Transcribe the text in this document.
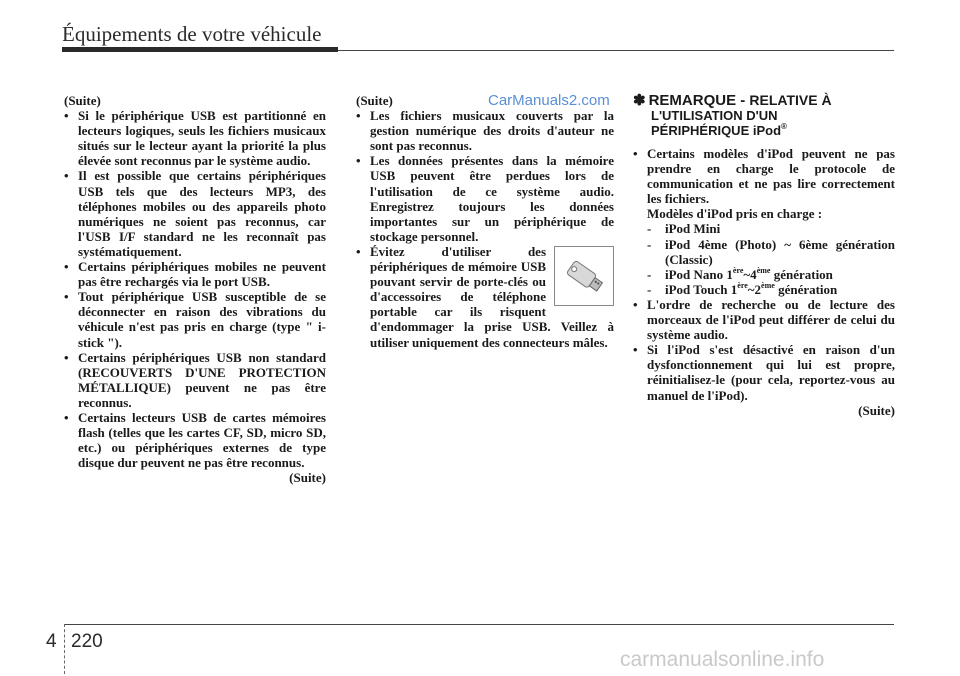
Équipements de votre véhicule
CarManuals2.com
(Suite)

• Si le périphérique USB est partitionné en lecteurs logiques, seuls les fichiers musicaux situés sur le lecteur ayant la priorité la plus élevée sont reconnus par le système audio.

• Il est possible que certains périphériques USB tels que des lecteurs MP3, des téléphones mobiles ou des appareils photo numériques ne soient pas reconnus, car l'USB I/F standard ne les reconnaît pas systématiquement.

• Certains périphériques mobiles ne peuvent pas être rechargés via le port USB.

• Tout périphérique USB susceptible de se déconnecter en raison des vibrations du véhicule n'est pas pris en charge (type " i-stick ").

• Certains périphériques USB non standard (RECOUVERTS D'UNE PROTECTION MÉTALLIQUE) peuvent ne pas être reconnus.

• Certains lecteurs USB de cartes mémoires flash (telles que les cartes CF, SD, micro SD, etc.) ou périphériques externes de type disque dur peuvent ne pas être reconnus.

(Suite)
(Suite)

• Les fichiers musicaux couverts par la gestion numérique des droits d'auteur ne sont pas reconnus.

• Les données présentes dans la mémoire USB peuvent être perdues lors de l'utilisation de ce système audio. Enregistrez toujours les données importantes sur un périphérique de stockage personnel.

• Évitez d'utiliser des périphériques de mémoire USB pouvant servir de porte-clés ou d'accessoires de téléphone portable car ils risquent d'endommager la prise USB. Veillez à utiliser uniquement des connecteurs mâles.

✽ REMARQUE - RELATIVE À
L'UTILISATION D'UN
PÉRIPHÉRIQUE iPod®
• Certains modèles d'iPod peuvent ne pas prendre en charge le protocole de communication et ne pas lire correctement les fichiers.
Modèles d'iPod pris en charge :
- iPod Mini
- iPod 4ème (Photo) ~ 6ème génération (Classic)
- iPod Nano 1ère~4ème génération
- iPod Touch 1ère~2ème génération

• L'ordre de recherche ou de lecture des morceaux de l'iPod peut différer de celui du système audio.

• Si l'iPod s'est désactivé en raison d'un dysfonctionnement qui lui est propre, réinitialisez-le (pour cela, reportez-vous au manuel de l'iPod).

(Suite)
4 220
carmanualsonline.info
